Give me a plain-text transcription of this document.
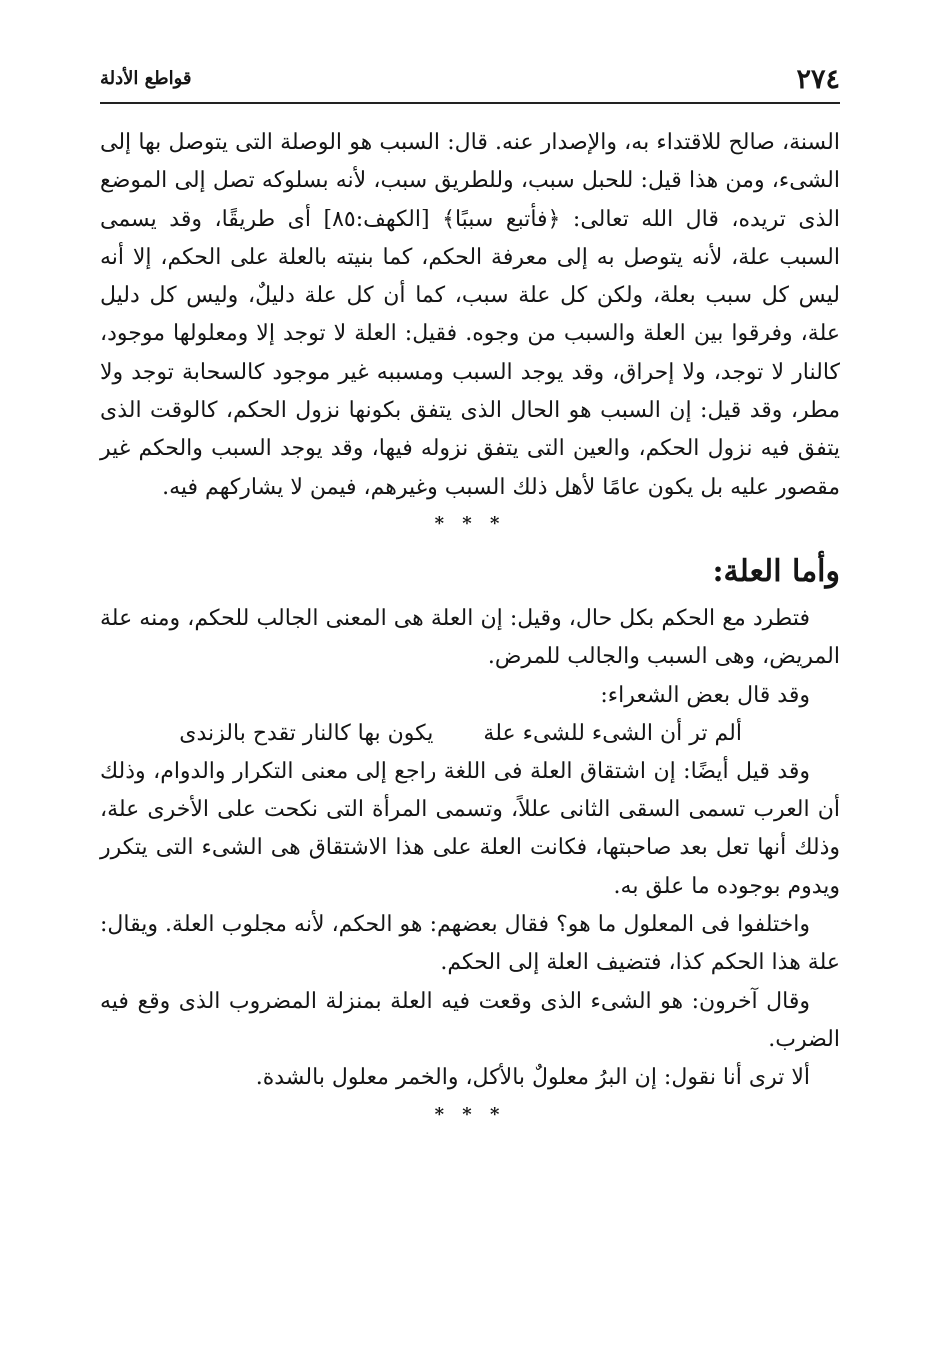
٢٧٤
قواطع الأدلة

السنة، صالح للاقتداء به، والإصدار عنه. قال: السبب هو الوصلة التى يتوصل بها إلى الشىء، ومن هذا قيل: للحبل سبب، وللطريق سبب، لأنه بسلوكه تصل إلى الموضع الذى تريده، قال الله تعالى: ﴿فأتبع سببًا﴾ [الكهف:٨٥] أى طريقًا، وقد يسمى السبب علة، لأنه يتوصل به إلى معرفة الحكم، كما بنيته بالعلة على الحكم، إلا أنه ليس كل سبب بعلة، ولكن كل علة سبب، كما أن كل علة دليلٌ، وليس كل دليل علة، وفرقوا بين العلة والسبب من وجوه. فقيل: العلة لا توجد إلا ومعلولها موجود، كالنار لا توجد، ولا إحراق، وقد يوجد السبب ومسببه غير موجود كالسحابة توجد ولا مطر، وقد قيل: إن السبب هو الحال الذى يتفق بكونها نزول الحكم، كالوقت الذى يتفق فيه نزول الحكم، والعين التى يتفق نزوله فيها، وقد يوجد السبب والحكم غير مقصور عليه بل يكون عامًا لأهل ذلك السبب وغيرهم، فيمن لا يشاركهم فيه.

* * *
وأما العلة:

فتطرد مع الحكم بكل حال، وقيل: إن العلة هى المعنى الجالب للحكم، ومنه علة المريض، وهى السبب والجالب للمرض.

وقد قال بعض الشعراء:

ألم تر أن الشىء للشىء علة
يكون بها كالنار تقدح بالزندى

وقد قيل أيضًا: إن اشتقاق العلة فى اللغة راجع إلى معنى التكرار والدوام، وذلك أن العرب تسمى السقى الثانى عللاً، وتسمى المرأة التى نكحت على الأخرى علة، وذلك أنها تعل بعد صاحبتها، فكانت العلة على هذا الاشتقاق هى الشىء التى يتكرر ويدوم بوجوده ما علق به.

واختلفوا فى المعلول ما هو؟ فقال بعضهم: هو الحكم، لأنه مجلوب العلة. ويقال: علة هذا الحكم كذا، فتضيف العلة إلى الحكم.

وقال آخرون: هو الشىء الذى وقعت فيه العلة بمنزلة المضروب الذى وقع فيه الضرب.

ألا ترى أنا نقول: إن البرُ معلولٌ بالأكل، والخمر معلول بالشدة.

* * *
